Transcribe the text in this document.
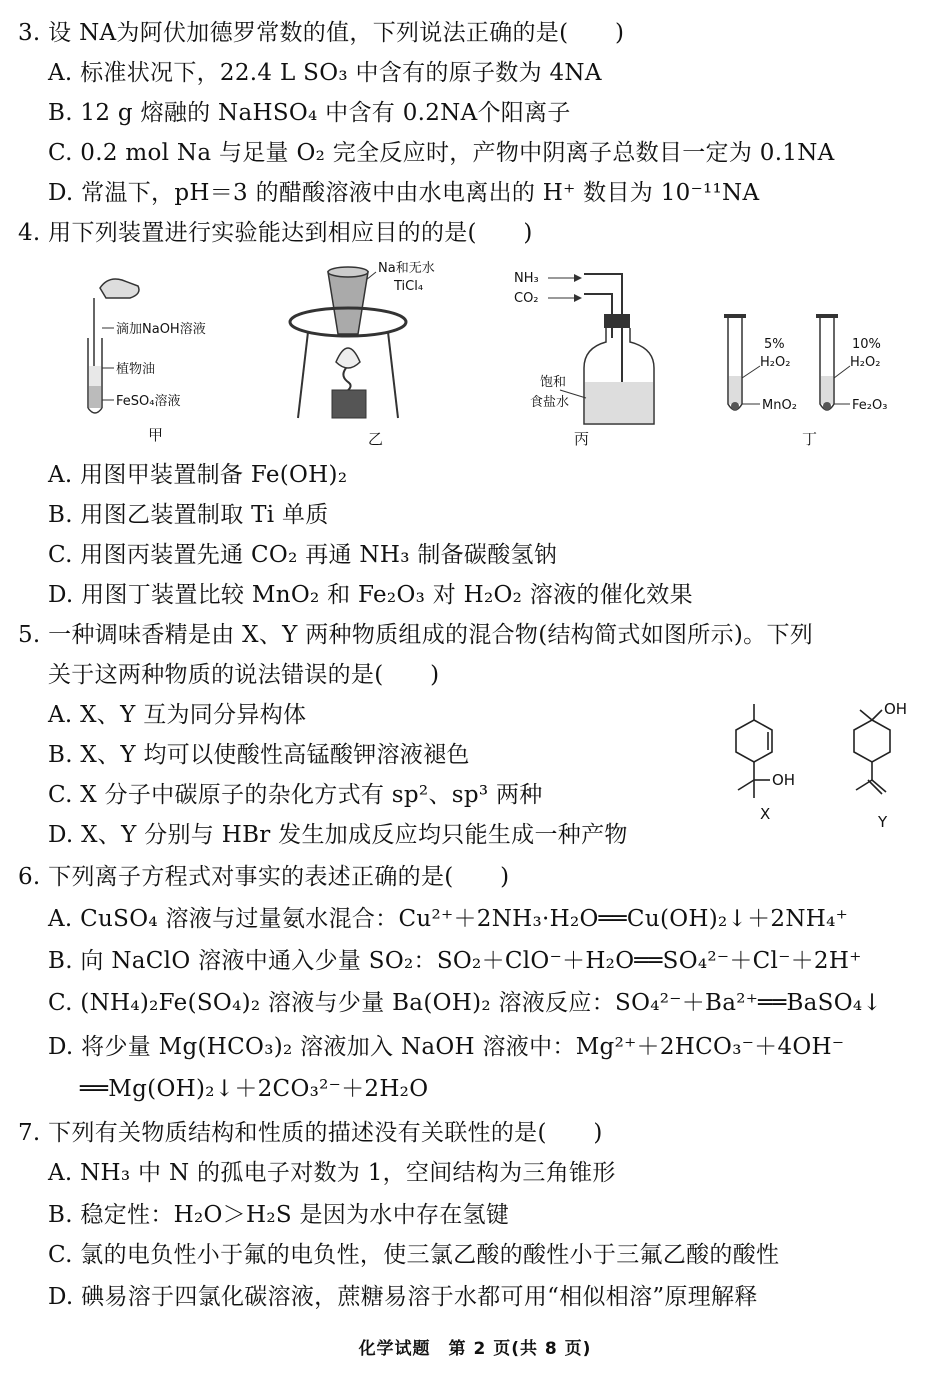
3. 设 NA为阿伏加德罗常数的值，下列说法正确的是(　　)
A. 标准状况下，22.4 L SO₃ 中含有的原子数为 4NA
B. 12 g 熔融的 NaHSO₄ 中含有 0.2NA个阳离子
C. 0.2 mol Na 与足量 O₂ 完全反应时，产物中阴离子总数目一定为 0.1NA
D. 常温下，pH＝3 的醋酸溶液中由水电离出的 H⁺ 数目为 10⁻¹¹NA
4. 用下列装置进行实验能达到相应目的的是(　　)
滴加NaOH溶液
植物油
FeSO₄溶液
甲
Na和无水
TiCl₄
乙
NH₃
CO₂
饱和
食盐水
丙
5%
H₂O₂
MnO₂
10%
H₂O₂
Fe₂O₃
丁
A. 用图甲装置制备 Fe(OH)₂
B. 用图乙装置制取 Ti 单质
C. 用图丙装置先通 CO₂ 再通 NH₃ 制备碳酸氢钠
D. 用图丁装置比较 MnO₂ 和 Fe₂O₃ 对 H₂O₂ 溶液的催化效果
5. 一种调味香精是由 X、Y 两种物质组成的混合物(结构简式如图所示)。下列
关于这两种物质的说法错误的是(　　)
A. X、Y 互为同分异构体
B. X、Y 均可以使酸性高锰酸钾溶液褪色
C. X 分子中碳原子的杂化方式有 sp²、sp³ 两种
D. X、Y 分别与 HBr 发生加成反应均只能生成一种产物
OH
X
OH
Y
6. 下列离子方程式对事实的表述正确的是(　　)
A. CuSO₄ 溶液与过量氨水混合：Cu²⁺＋2NH₃·H₂O══Cu(OH)₂↓＋2NH₄⁺
B. 向 NaClO 溶液中通入少量 SO₂：SO₂＋ClO⁻＋H₂O══SO₄²⁻＋Cl⁻＋2H⁺
C. (NH₄)₂Fe(SO₄)₂ 溶液与少量 Ba(OH)₂ 溶液反应：SO₄²⁻＋Ba²⁺══BaSO₄↓
D. 将少量 Mg(HCO₃)₂ 溶液加入 NaOH 溶液中：Mg²⁺＋2HCO₃⁻＋4OH⁻
══Mg(OH)₂↓＋2CO₃²⁻＋2H₂O
7. 下列有关物质结构和性质的描述没有关联性的是(　　)
A. NH₃ 中 N 的孤电子对数为 1，空间结构为三角锥形
B. 稳定性：H₂O＞H₂S 是因为水中存在氢键
C. 氯的电负性小于氟的电负性，使三氯乙酸的酸性小于三氟乙酸的酸性
D. 碘易溶于四氯化碳溶液，蔗糖易溶于水都可用“相似相溶”原理解释
化学试题　第 2 页(共 8 页)
